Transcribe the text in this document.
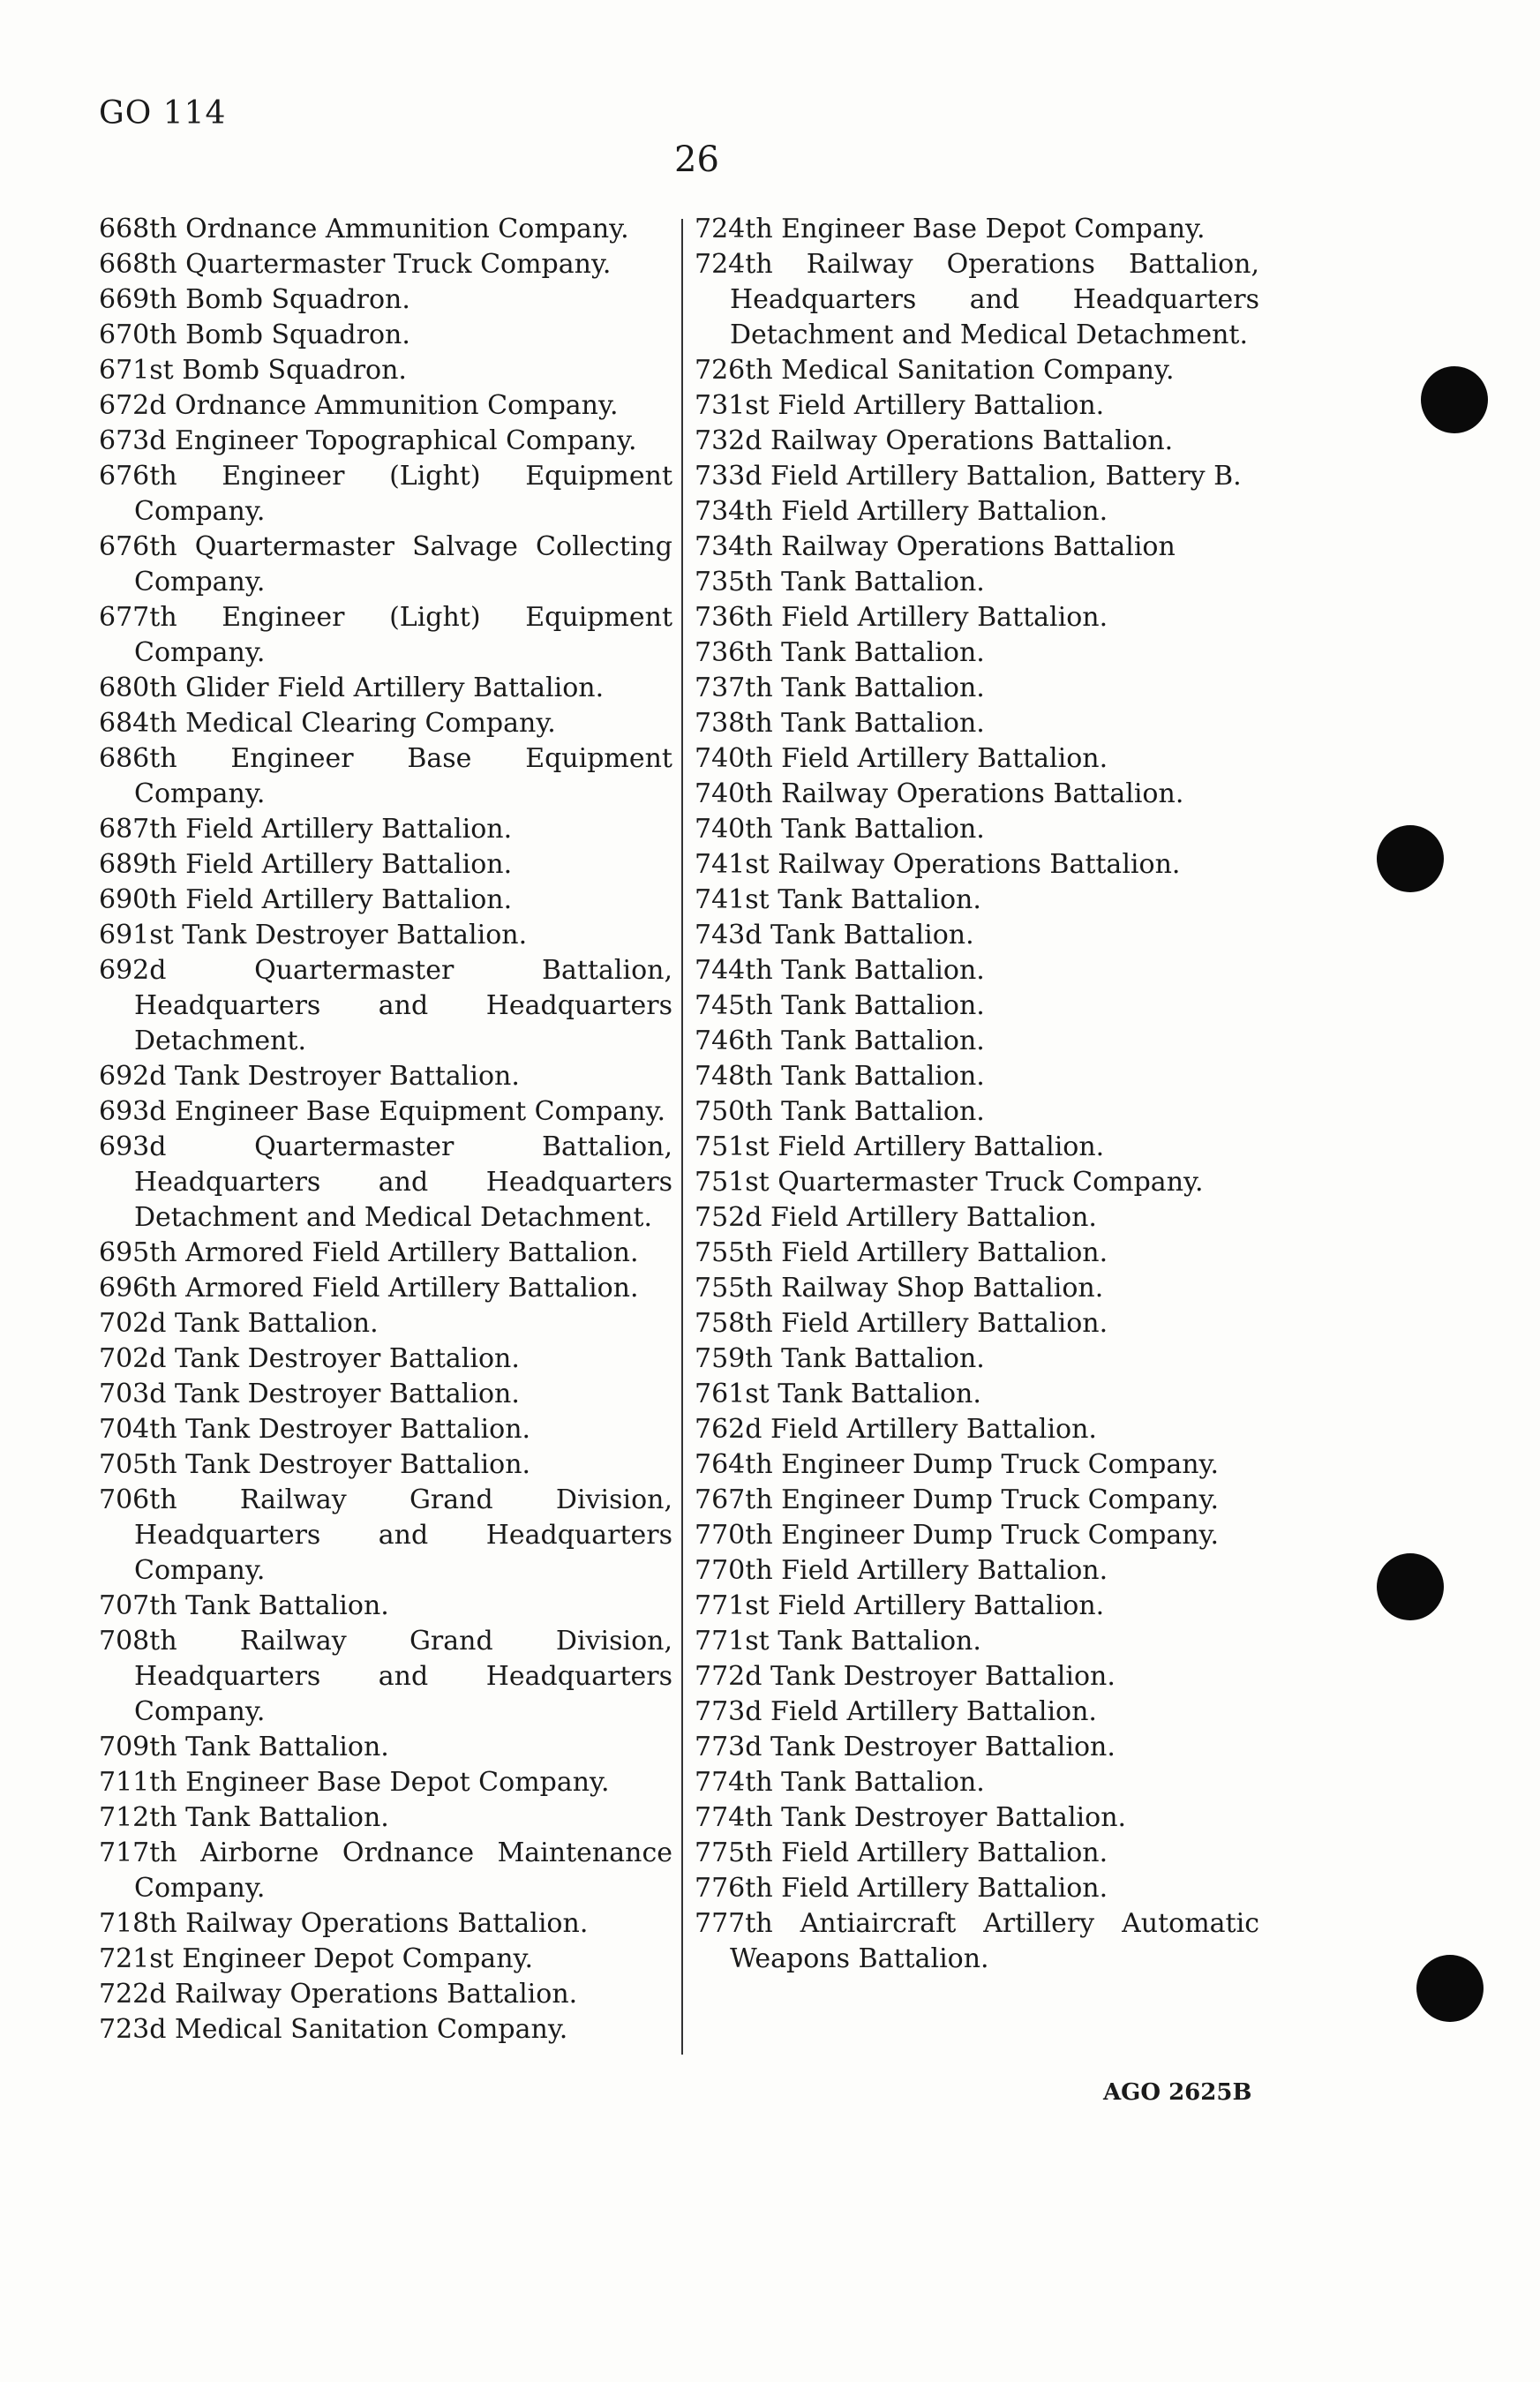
GO 114
26
668th Ordnance Ammunition Company.
668th Quartermaster Truck Company.
669th Bomb Squadron.
670th Bomb Squadron.
671st Bomb Squadron.
672d Ordnance Ammunition Company.
673d Engineer Topographical Company.
676th Engineer (Light) Equipment Company.
676th Quartermaster Salvage Collecting Company.
677th Engineer (Light) Equipment Company.
680th Glider Field Artillery Battalion.
684th Medical Clearing Company.
686th Engineer Base Equipment Company.
687th Field Artillery Battalion.
689th Field Artillery Battalion.
690th Field Artillery Battalion.
691st Tank Destroyer Battalion.
692d Quartermaster Battalion, Headquarters and Headquarters Detachment.
692d Tank Destroyer Battalion.
693d Engineer Base Equipment Company.
693d Quartermaster Battalion, Headquarters and Headquarters Detachment and Medical Detachment.
695th Armored Field Artillery Battalion.
696th Armored Field Artillery Battalion.
702d Tank Battalion.
702d Tank Destroyer Battalion.
703d Tank Destroyer Battalion.
704th Tank Destroyer Battalion.
705th Tank Destroyer Battalion.
706th Railway Grand Division, Headquarters and Headquarters Company.
707th Tank Battalion.
708th Railway Grand Division, Headquarters and Headquarters Company.
709th Tank Battalion.
711th Engineer Base Depot Company.
712th Tank Battalion.
717th Airborne Ordnance Maintenance Company.
718th Railway Operations Battalion.
721st Engineer Depot Company.
722d Railway Operations Battalion.
723d Medical Sanitation Company.
724th Engineer Base Depot Company.
724th Railway Operations Battalion, Headquarters and Headquarters Detachment and Medical Detachment.
726th Medical Sanitation Company.
731st Field Artillery Battalion.
732d Railway Operations Battalion.
733d Field Artillery Battalion, Battery B.
734th Field Artillery Battalion.
734th Railway Operations Battalion
735th Tank Battalion.
736th Field Artillery Battalion.
736th Tank Battalion.
737th Tank Battalion.
738th Tank Battalion.
740th Field Artillery Battalion.
740th Railway Operations Battalion.
740th Tank Battalion.
741st Railway Operations Battalion.
741st Tank Battalion.
743d Tank Battalion.
744th Tank Battalion.
745th Tank Battalion.
746th Tank Battalion.
748th Tank Battalion.
750th Tank Battalion.
751st Field Artillery Battalion.
751st Quartermaster Truck Company.
752d Field Artillery Battalion.
755th Field Artillery Battalion.
755th Railway Shop Battalion.
758th Field Artillery Battalion.
759th Tank Battalion.
761st Tank Battalion.
762d Field Artillery Battalion.
764th Engineer Dump Truck Company.
767th Engineer Dump Truck Company.
770th Engineer Dump Truck Company.
770th Field Artillery Battalion.
771st Field Artillery Battalion.
771st Tank Battalion.
772d Tank Destroyer Battalion.
773d Field Artillery Battalion.
773d Tank Destroyer Battalion.
774th Tank Battalion.
774th Tank Destroyer Battalion.
775th Field Artillery Battalion.
776th Field Artillery Battalion.
777th Antiaircraft Artillery Automatic Weapons Battalion.
AGO 2625B
